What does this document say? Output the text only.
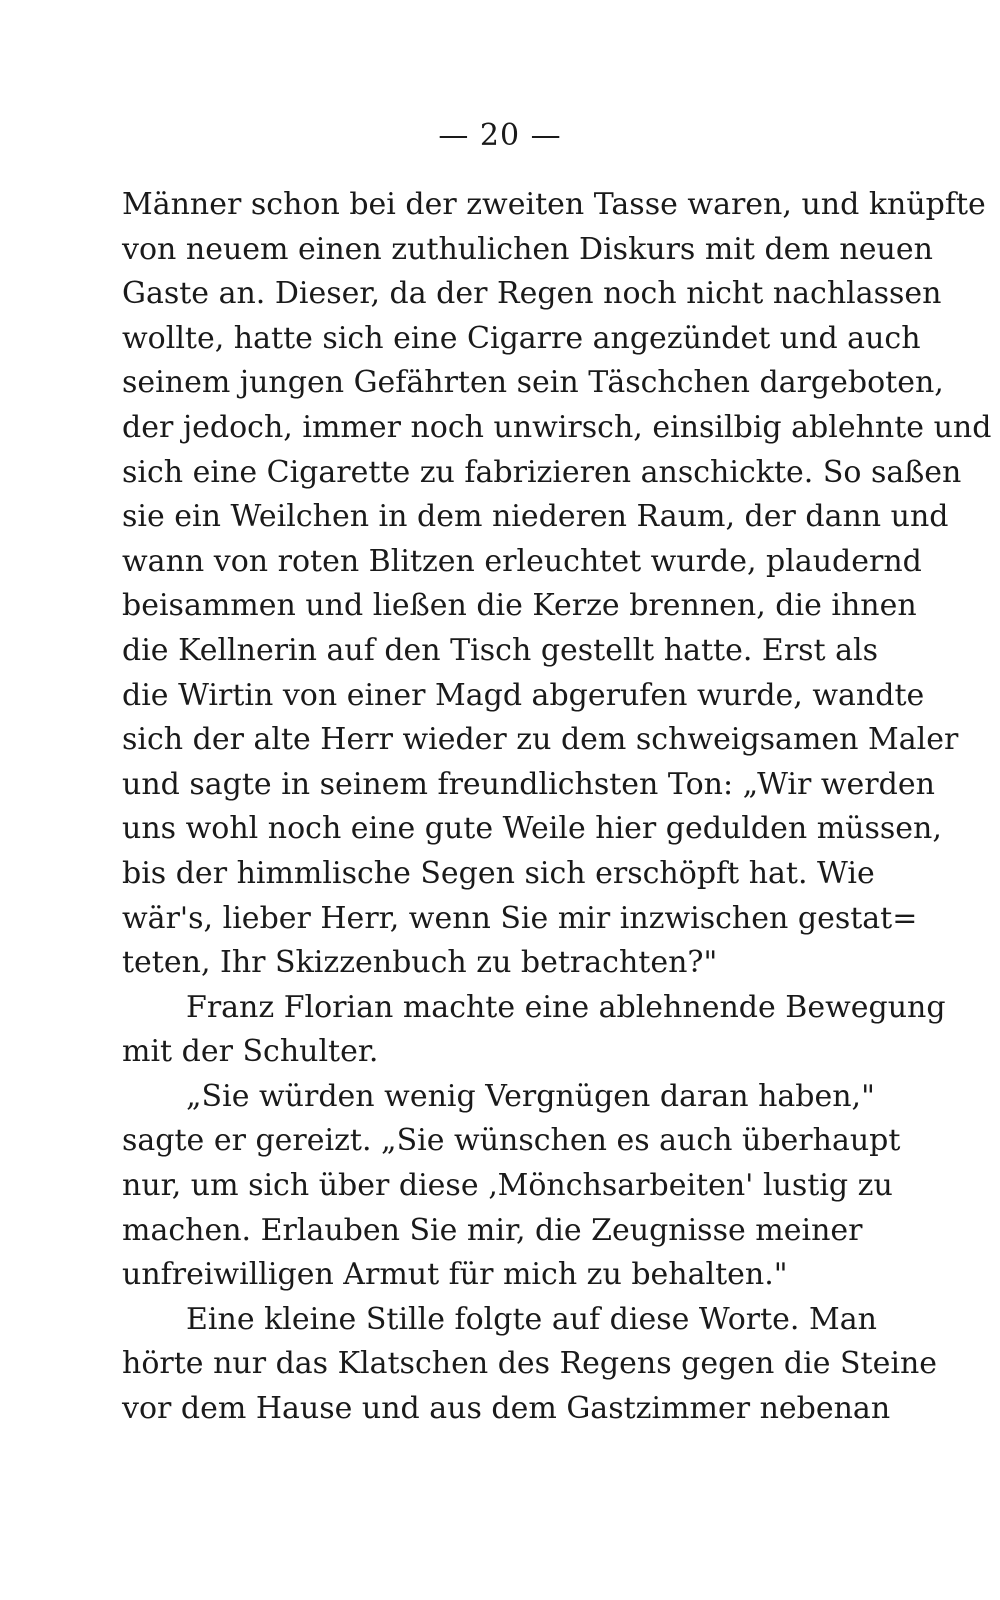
— 20 —
Männer schon bei der zweiten Tasse waren, und knüpfte
von neuem einen zuthulichen Diskurs mit dem neuen
Gaste an. Dieser, da der Regen noch nicht nachlassen
wollte, hatte sich eine Cigarre angezündet und auch
seinem jungen Gefährten sein Täschchen dargeboten,
der jedoch, immer noch unwirsch, einsilbig ablehnte und
sich eine Cigarette zu fabrizieren anschickte. So saßen
sie ein Weilchen in dem niederen Raum, der dann und
wann von roten Blitzen erleuchtet wurde, plaudernd
beisammen und ließen die Kerze brennen, die ihnen
die Kellnerin auf den Tisch gestellt hatte. Erst als
die Wirtin von einer Magd abgerufen wurde, wandte
sich der alte Herr wieder zu dem schweigsamen Maler
und sagte in seinem freundlichsten Ton: „Wir werden
uns wohl noch eine gute Weile hier gedulden müssen,
bis der himmlische Segen sich erschöpft hat. Wie
wär's, lieber Herr, wenn Sie mir inzwischen gestat=
teten, Ihr Skizzenbuch zu betrachten?"
Franz Florian machte eine ablehnende Bewegung
mit der Schulter.
„Sie würden wenig Vergnügen daran haben,"
sagte er gereizt. „Sie wünschen es auch überhaupt
nur, um sich über diese ‚Mönchsarbeiten' lustig zu
machen. Erlauben Sie mir, die Zeugnisse meiner
unfreiwilligen Armut für mich zu behalten."
Eine kleine Stille folgte auf diese Worte. Man
hörte nur das Klatschen des Regens gegen die Steine
vor dem Hause und aus dem Gastzimmer nebenan
